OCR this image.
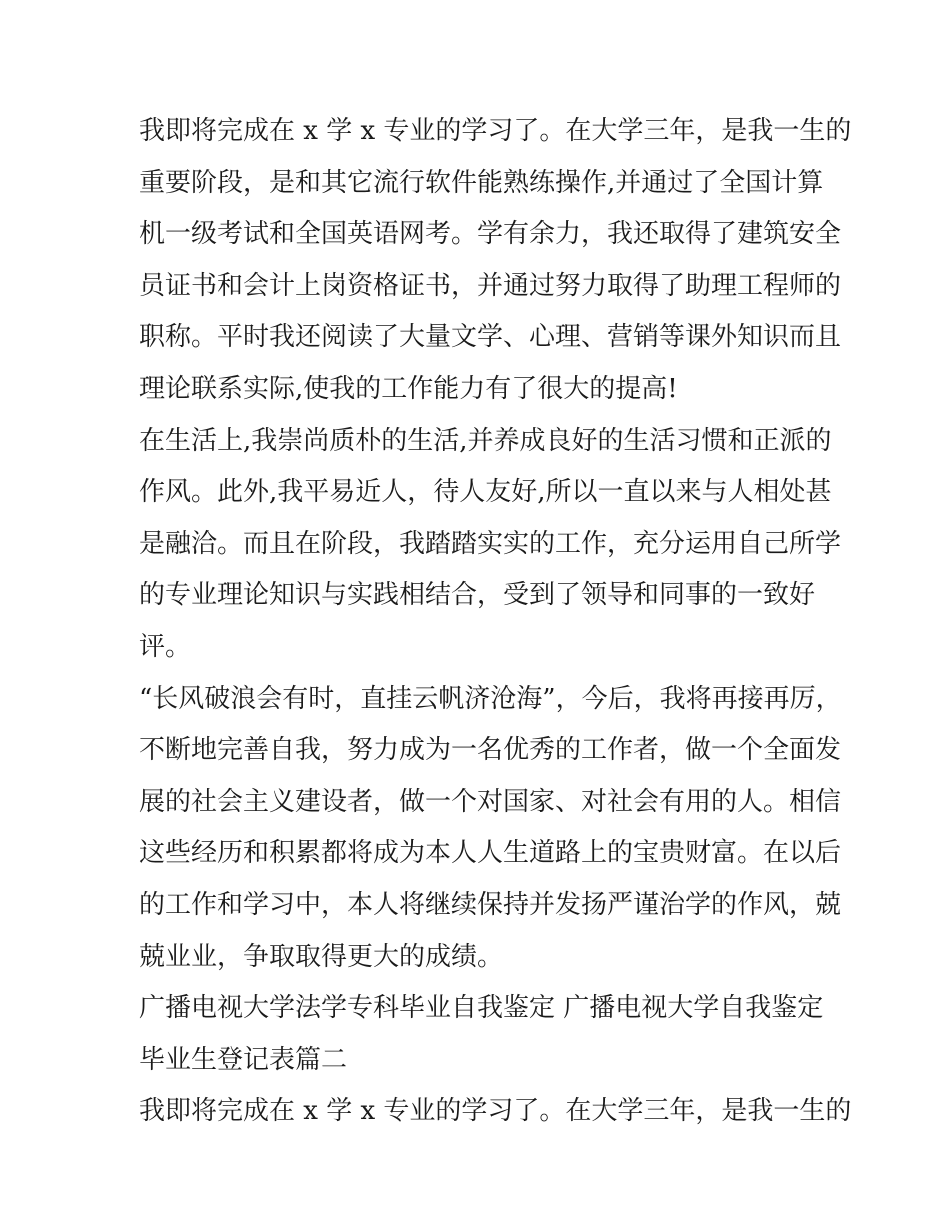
我即将完成在 x 学 x 专业的学习了。在大学三年，是我一生的
重要阶段，是和其它流行软件能熟练操作,并通过了全国计算
机一级考试和全国英语网考。学有余力，我还取得了建筑安全
员证书和会计上岗资格证书，并通过努力取得了助理工程师的
职称。平时我还阅读了大量文学、心理、营销等课外知识而且
理论联系实际,使我的工作能力有了很大的提高!
在生活上,我崇尚质朴的生活,并养成良好的生活习惯和正派的
作风。此外,我平易近人，待人友好,所以一直以来与人相处甚
是融洽。而且在阶段，我踏踏实实的工作，充分运用自己所学
的专业理论知识与实践相结合，受到了领导和同事的一致好
评。
“长风破浪会有时，直挂云帆济沧海”，今后，我将再接再厉，
不断地完善自我，努力成为一名优秀的工作者，做一个全面发
展的社会主义建设者，做一个对国家、对社会有用的人。相信
这些经历和积累都将成为本人人生道路上的宝贵财富。在以后
的工作和学习中，本人将继续保持并发扬严谨治学的作风，兢
兢业业，争取取得更大的成绩。
广播电视大学法学专科毕业自我鉴定 广播电视大学自我鉴定
毕业生登记表篇二
我即将完成在 x 学 x 专业的学习了。在大学三年，是我一生的
